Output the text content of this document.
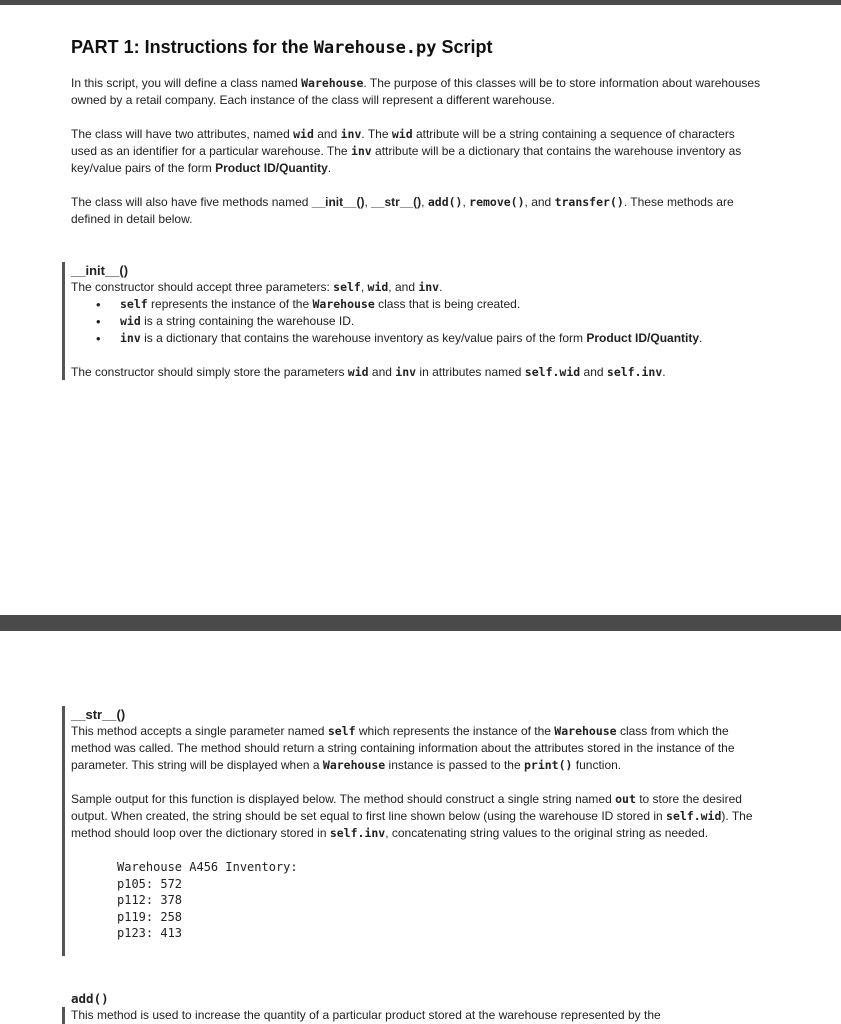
PART 1: Instructions for the Warehouse.py Script

In this script, you will define a class named Warehouse. The purpose of this classes will be to store information about warehouses owned by a retail company. Each instance of the class will represent a different warehouse.

The class will have two attributes, named wid and inv. The wid attribute will be a string containing a sequence of characters used as an identifier for a particular warehouse. The inv attribute will be a dictionary that contains the warehouse inventory as key/value pairs of the form Product ID/Quantity.

The class will also have five methods named __init__(), __str__(), add(), remove(), and transfer(). These methods are defined in detail below.

__init__()

The constructor should accept three parameters: self, wid, and inv.

• self represents the instance of the Warehouse class that is being created.
• wid is a string containing the warehouse ID.
• inv is a dictionary that contains the warehouse inventory as key/value pairs of the form Product ID/Quantity.

The constructor should simply store the parameters wid and inv in attributes named self.wid and self.inv.

__str__()

This method accepts a single parameter named self which represents the instance of the Warehouse class from which the method was called. The method should return a string containing information about the attributes stored in the instance of the parameter. This string will be displayed when a Warehouse instance is passed to the print() function.

Sample output for this function is displayed below. The method should construct a single string named out to store the desired output. When created, the string should be set equal to first line shown below (using the warehouse ID stored in self.wid). The method should loop over the dictionary stored in self.inv, concatenating string values to the original string as needed.

Warehouse A456 Inventory:
p105: 572
p112: 378
p119: 258
p123: 413
add()

This method is used to increase the quantity of a particular product stored at the warehouse represented by the
